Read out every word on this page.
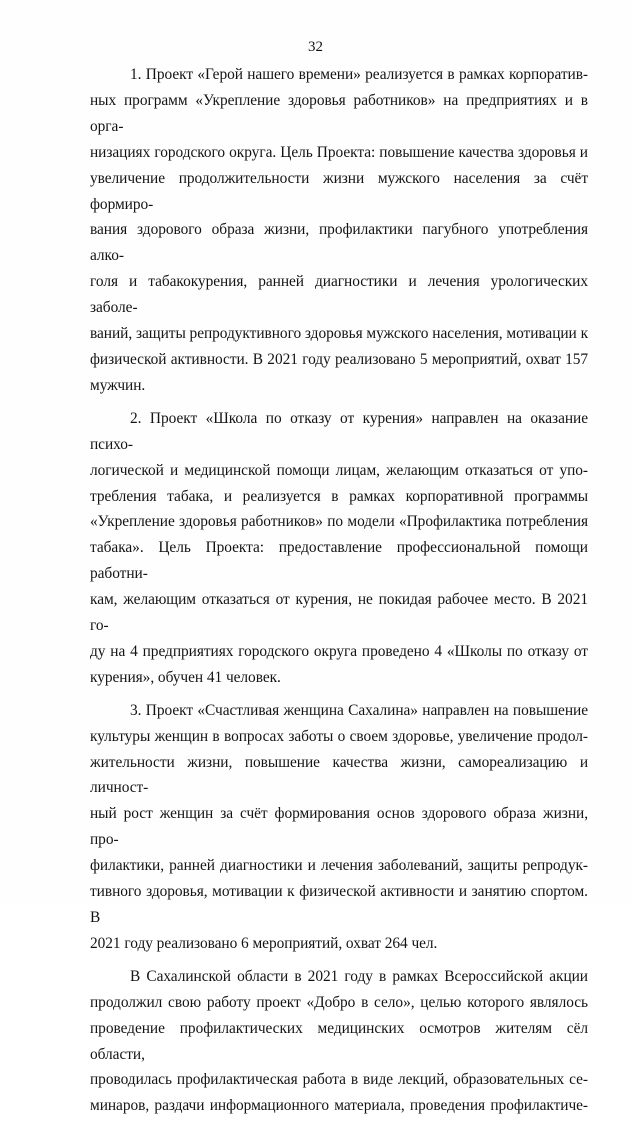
32

1. Проект «Герой нашего времени» реализуется в рамках корпоратив-
ных программ «Укрепление здоровья работников» на предприятиях и в орга-
низациях городского округа. Цель Проекта: повышение качества здоровья и
увеличение продолжительности жизни мужского населения за счёт формиро-
вания здорового образа жизни, профилактики пагубного употребления алко-
голя и табакокурения, ранней диагностики и лечения урологических заболе-
ваний, защиты репродуктивного здоровья мужского населения, мотивации к
физической активности. В 2021 году реализовано 5 мероприятий, охват 157
мужчин.

2. Проект «Школа по отказу от курения» направлен на оказание психо-
логической и медицинской помощи лицам, желающим отказаться от упо-
требления табака, и реализуется в рамках корпоративной программы
«Укрепление здоровья работников» по модели «Профилактика потребления
табака». Цель Проекта: предоставление профессиональной помощи работни-
кам, желающим отказаться от курения, не покидая рабочее место. В 2021 го-
ду на 4 предприятиях городского округа проведено 4 «Школы по отказу от
курения», обучен 41 человек.

3. Проект «Счастливая женщина Сахалина» направлен на повышение
культуры женщин в вопросах заботы о своем здоровье, увеличение продол-
жительности жизни, повышение качества жизни, самореализацию и личност-
ный рост женщин за счёт формирования основ здорового образа жизни, про-
филактики, ранней диагностики и лечения заболеваний, защиты репродук-
тивного здоровья, мотивации к физической активности и занятию спортом. В
2021 году реализовано 6 мероприятий, охват 264 чел.

В Сахалинской области в 2021 году в рамках Всероссийской акции
продолжил свою работу проект «Добро в село», целью которого являлось
проведение профилактических медицинских осмотров жителям сёл области,
проводилась профилактическая работа в виде лекций, образовательных се-
минаров, раздачи информационного материала, проведения профилактиче-
